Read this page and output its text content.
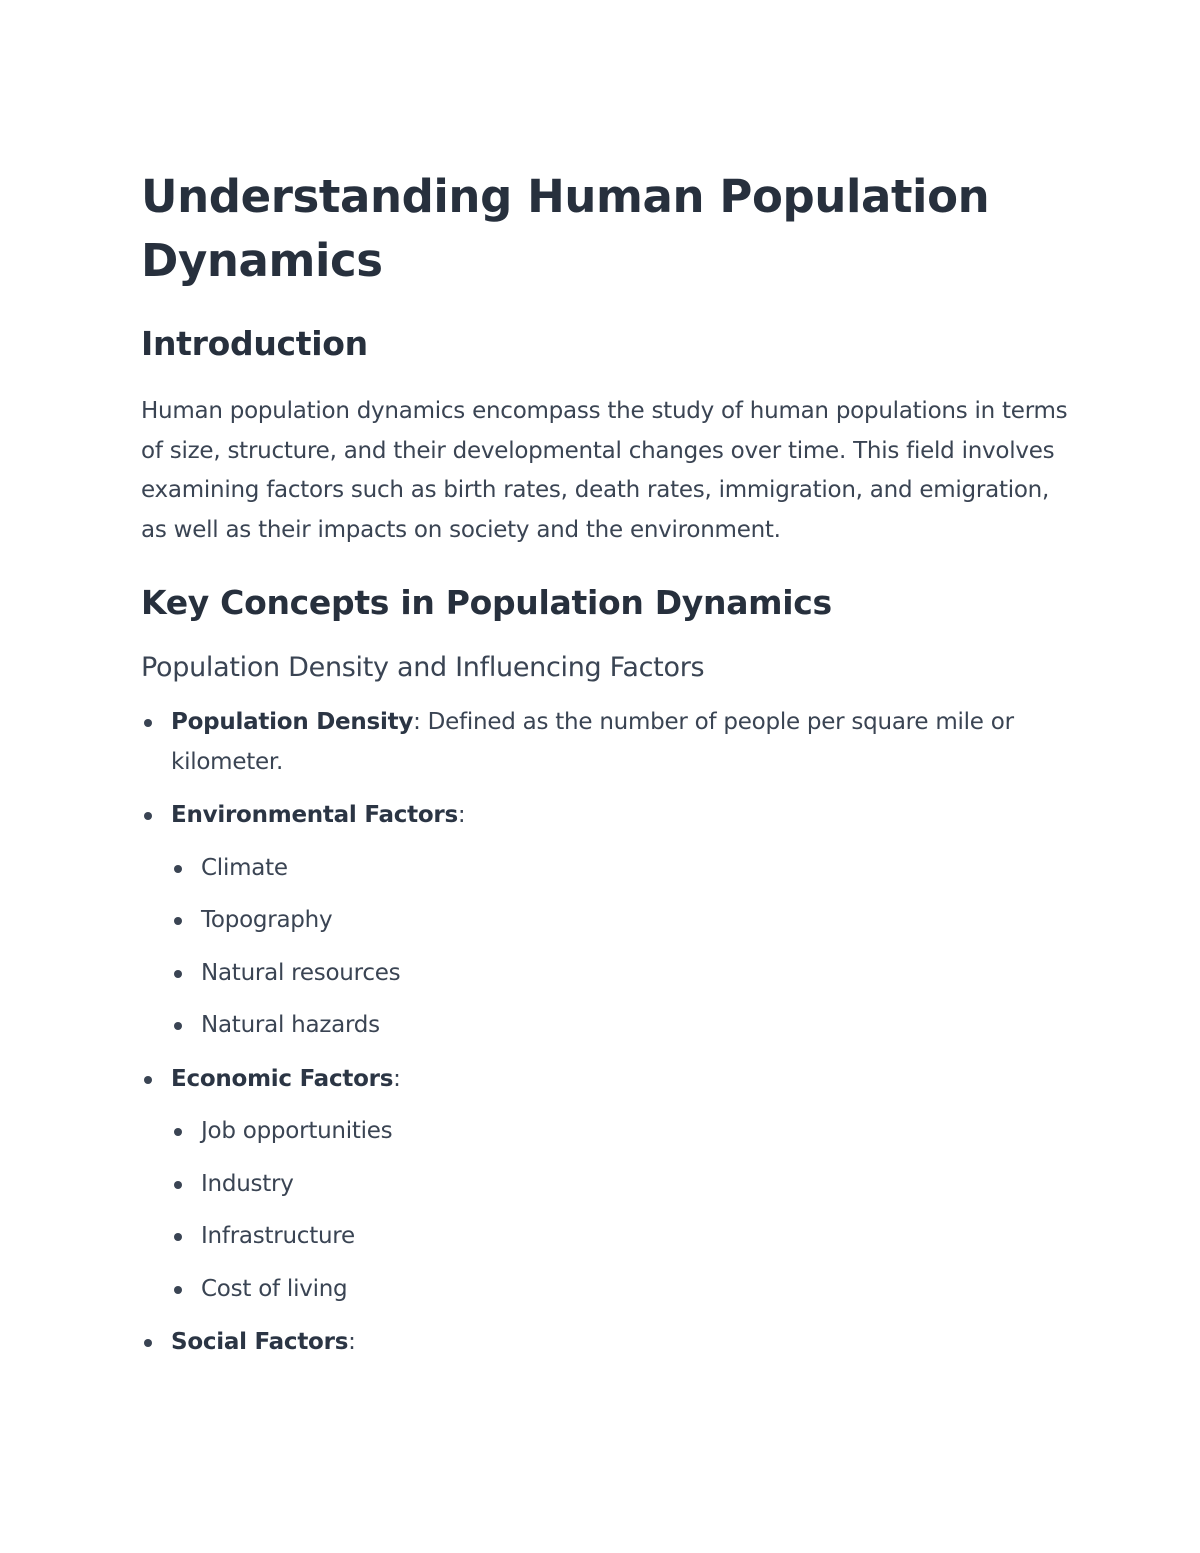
Understanding Human Population Dynamics
Introduction

Human population dynamics encompass the study of human populations in terms of size, structure, and their developmental changes over time. This field involves examining factors such as birth rates, death rates, immigration, and emigration, as well as their impacts on society and the environment.

Key Concepts in Population Dynamics
Population Density and Influencing Factors
Population Density: Defined as the number of people per square mile or kilometer.
Environmental Factors:
Climate
Topography
Natural resources
Natural hazards
Economic Factors:
Job opportunities
Industry
Infrastructure
Cost of living
Social Factors:
